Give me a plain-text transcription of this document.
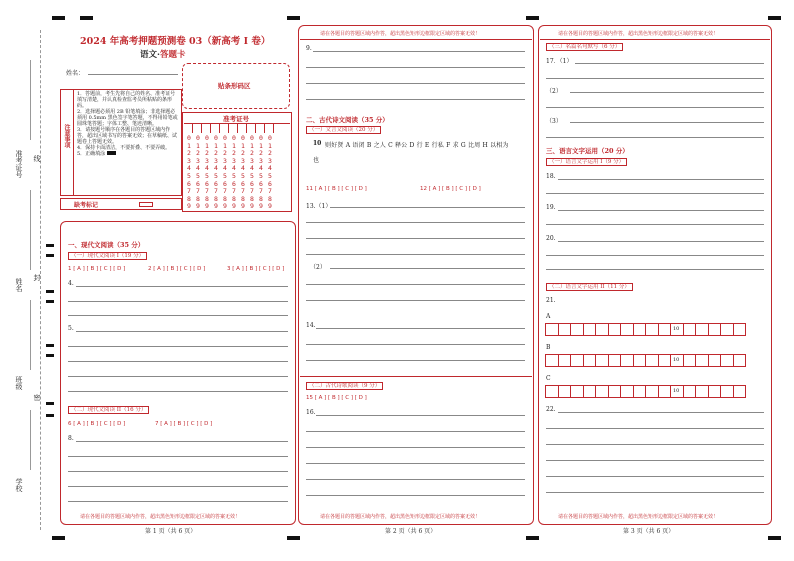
准考证号 线
姓名
封
班级
密
学校
2024 年高考押题预测卷 03（新高考 I 卷）
语文·答题卡
姓名：
贴条形码区
注意事项
1．答题前，考生先将自己的姓名、准考证号填写清楚，并认真检查监考员所粘贴的条形码。
2．选择题必须用 2B 铅笔填涂；非选择题必须用 0.5mm 黑色签字笔答题，不得用铅笔或圆珠笔答题；字体工整、笔迹清晰。
3．请按题号顺序在各题目的答题区域内作答，超出区域书写的答案无效；在草稿纸、试题卷上答题无效。
4．保持卡面清洁，不要折叠、不要弄破。
5．正确填涂
准考证号
0 0 0 0 0 0 0 0 0 0
1 1 1 1 1 1 1 1 1 1
2 2 2 2 2 2 2 2 2 2
3 3 3 3 3 3 3 3 3 3
4 4 4 4 4 4 4 4 4 4
5 5 5 5 5 5 5 5 5 5
6 6 6 6 6 6 6 6 6 6
7 7 7 7 7 7 7 7 7 7
8 8 8 8 8 8 8 8 8 8
9 9 9 9 9 9 9 9 9 9
缺考标记
一、现代文阅读（35 分）
（一）现代文阅读 I（19 分）
1 [ A ] [ B ] [ C ] [ D ]	2 [ A ] [ B ] [ C ] [ D ]	3 [ A ] [ B ] [ C ] [ D ]
4.
5.
（二）现代文阅读 II（16 分）
6 [ A ] [ B ] [ C ] [ D ]	7 [ A ] [ B ] [ C ] [ D ]
8.
请在各题目的答题区域内作答，超出黑色矩形边框限定区域的答案无效！
第 1 页（共 6 页）
请在各题目的答题区域内作答，超出黑色矩形边框限定区域的答案无效！
9.
二、古代诗文阅读（35 分）
（一）文言文阅读（20 分）
10 则好贤 A 语闭 B 之人 C 释公 D 行 E 行私 F 求 G 比周 H 以相为
也
11 [ A ] [ B ] [ C ] [ D ]	12 [ A ] [ B ] [ C ] [ D ]
13.（1）
（2）
14.
（二）古代诗歌阅读（9 分）
15 [ A ] [ B ] [ C ] [ D ]
16.
请在各题目的答题区域内作答，超出黑色矩形边框限定区域的答案无效！
第 2 页（共 6 页）
请在各题目的答题区域内作答，超出黑色矩形边框限定区域的答案无效！
（三）名篇名句默写（6 分）
17．（1）
（2）
（3）
三、语言文字运用（20 分）
（一）语言文字运用 I（9 分）
18.
19.
20.
（二）语言文字运用 II（11 分）
21.
A
10
B
10
C
10
22.
请在各题目的答题区域内作答，超出黑色矩形边框限定区域的答案无效！
第 3 页（共 6 页）
